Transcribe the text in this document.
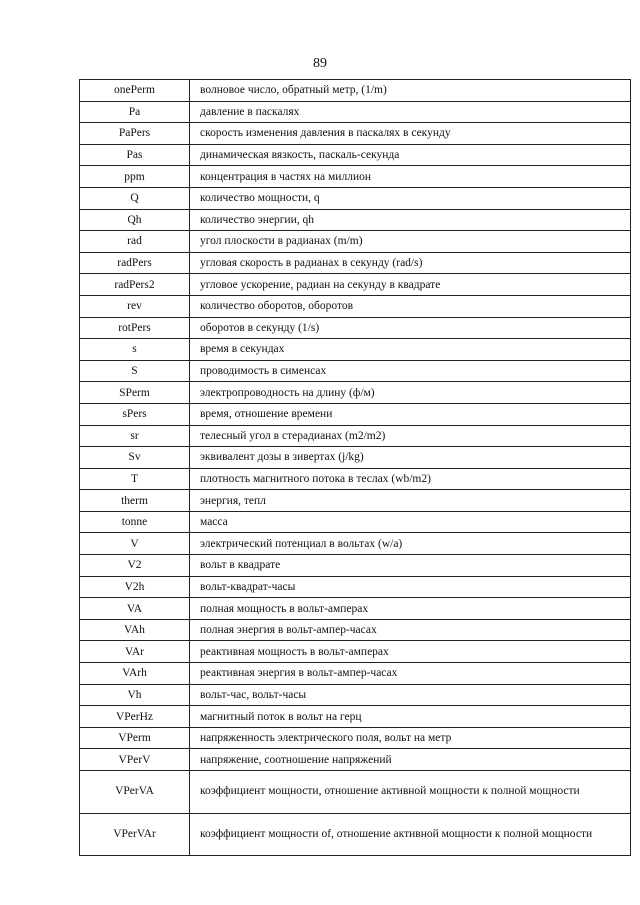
89
onePerm	волновое число, обратный метр, (1/m)
Pa	давление в паскалях
PaPers	скорость изменения давления в паскалях в секунду
Pas	динамическая вязкость, паскаль-секунда
ppm	концентрация в частях на миллион
Q	количество мощности, q
Qh	количество энергии, qh
rad	угол плоскости в радианах (m/m)
radPers	угловая скорость в радианах в секунду (rad/s)
radPers2	угловое ускорение, радиан на секунду в квадрате
rev	количество оборотов, оборотов
rotPers	оборотов в секунду (1/s)
s	время в секундах
S	проводимость в сименсах
SPerm	электропроводность на длину (ф/м)
sPers	время, отношение времени
sr	телесный угол в стерадианах (m2/m2)
Sv	эквивалент дозы в зивертах (j/kg)
T	плотность магнитного потока в теслах (wb/m2)
therm	энергия, тепл
tonne	масса
V	электрический потенциал в вольтах (w/a)
V2	вольт в квадрате
V2h	вольт-квадрат-часы
VA	полная мощность в вольт-амперах
VAh	полная энергия в вольт-ампер-часах
VAr	реактивная мощность в вольт-амперах
VArh	реактивная энергия в вольт-ампер-часах
Vh	вольт-час, вольт-часы
VPerHz	магнитный поток в вольт на герц
VPerm	напряженность электрического поля, вольт на метр
VPerV	напряжение, соотношение напряжений
VPerVA	коэффициент мощности, отношение активной мощности к полной мощности
VPerVAr	коэффициент мощности of, отношение активной мощности к полной мощности
